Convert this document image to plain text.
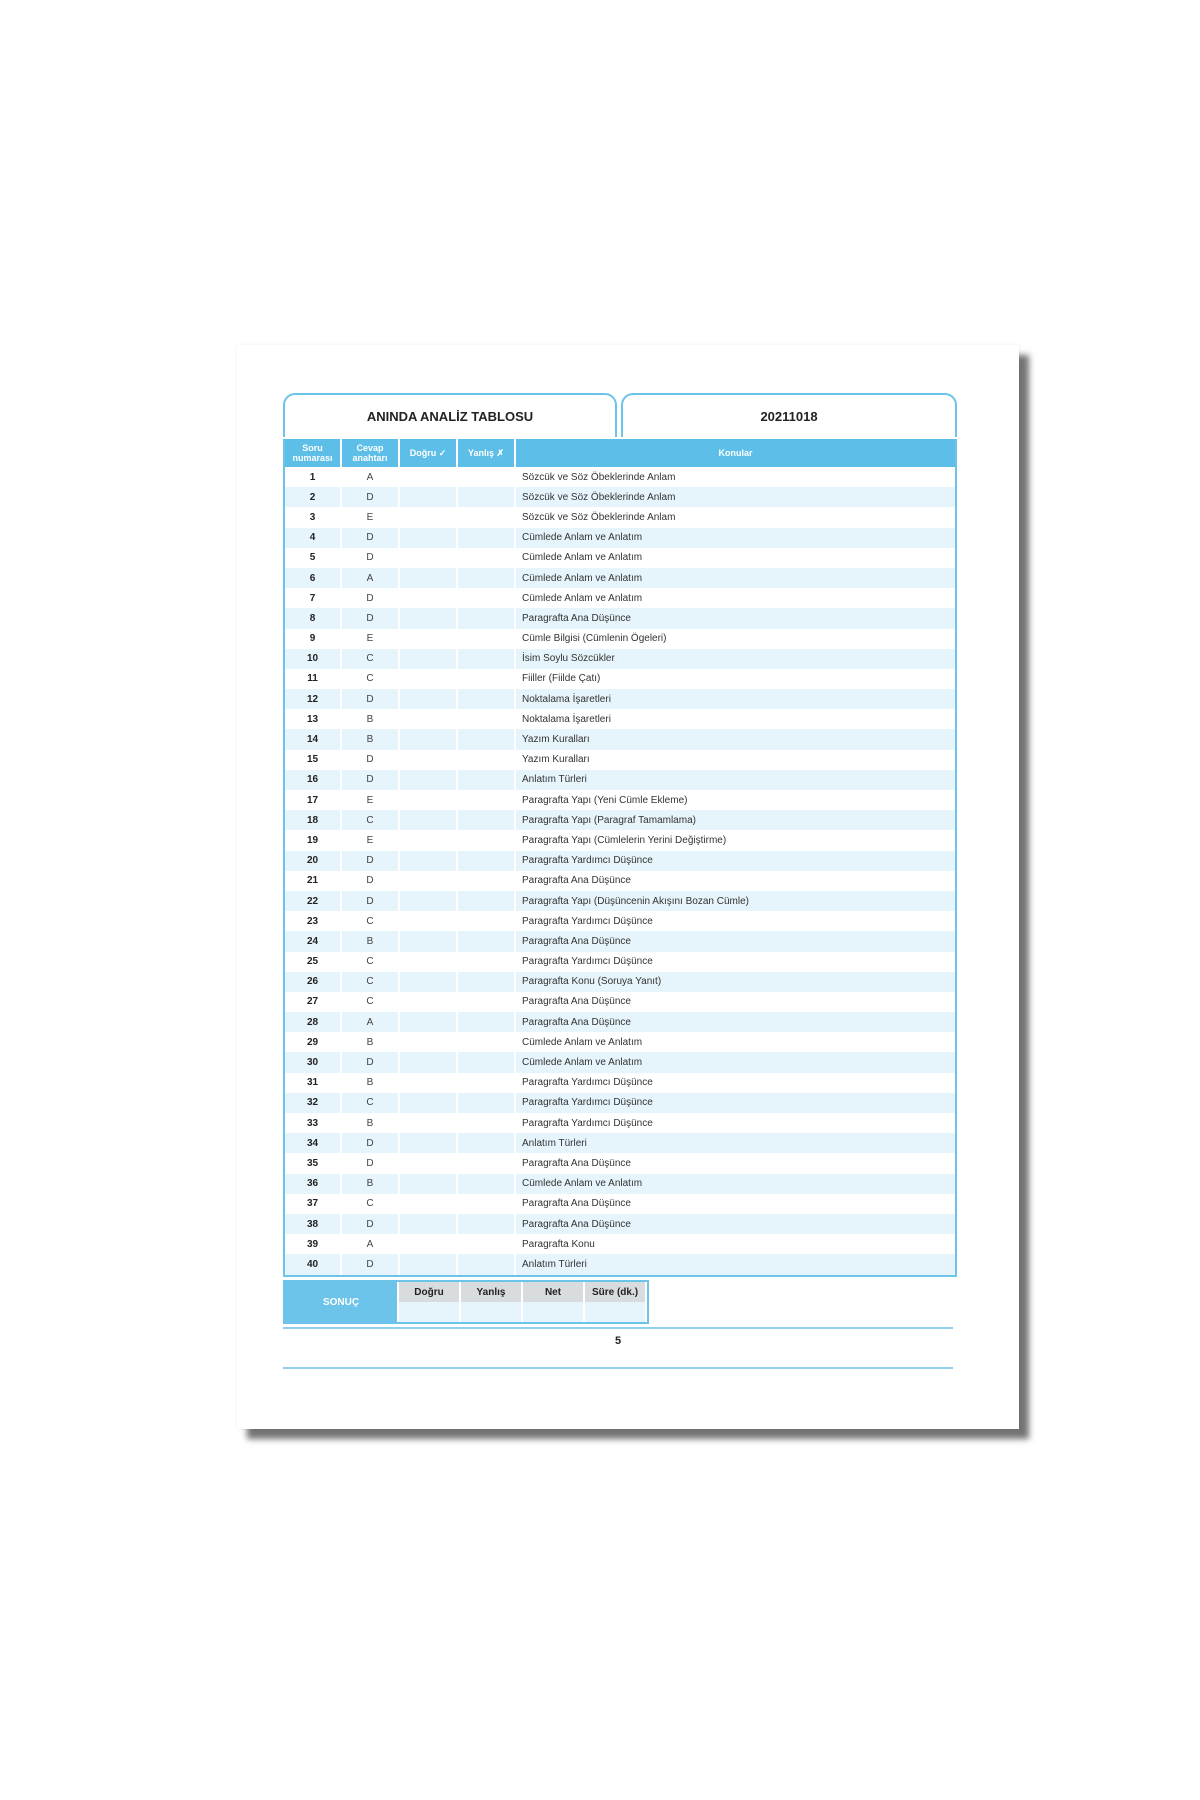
ANINDA ANALİZ TABLOSU	20211018
Soru numarası	Cevap anahtarı	Doğru ✓	Yanlış ✗	Konular
1	A			Sözcük ve Söz Öbeklerinde Anlam
2	D			Sözcük ve Söz Öbeklerinde Anlam
3	E			Sözcük ve Söz Öbeklerinde Anlam
4	D			Cümlede Anlam ve Anlatım
5	D			Cümlede Anlam ve Anlatım
6	A			Cümlede Anlam ve Anlatım
7	D			Cümlede Anlam ve Anlatım
8	D			Paragrafta Ana Düşünce
9	E			Cümle Bilgisi (Cümlenin Ögeleri)
10	C			İsim Soylu Sözcükler
11	C			Fiiller (Fiilde Çatı)
12	D			Noktalama İşaretleri
13	B			Noktalama İşaretleri
14	B			Yazım Kuralları
15	D			Yazım Kuralları
16	D			Anlatım Türleri
17	E			Paragrafta Yapı (Yeni Cümle Ekleme)
18	C			Paragrafta Yapı (Paragraf Tamamlama)
19	E			Paragrafta Yapı (Cümlelerin Yerini Değiştirme)
20	D			Paragrafta Yardımcı Düşünce
21	D			Paragrafta Ana Düşünce
22	D			Paragrafta Yapı (Düşüncenin Akışını Bozan Cümle)
23	C			Paragrafta Yardımcı Düşünce
24	B			Paragrafta Ana Düşünce
25	C			Paragrafta Yardımcı Düşünce
26	C			Paragrafta Konu (Soruya Yanıt)
27	C			Paragrafta Ana Düşünce
28	A			Paragrafta Ana Düşünce
29	B			Cümlede Anlam ve Anlatım
30	D			Cümlede Anlam ve Anlatım
31	B			Paragrafta Yardımcı Düşünce
32	C			Paragrafta Yardımcı Düşünce
33	B			Paragrafta Yardımcı Düşünce
34	D			Anlatım Türleri
35	D			Paragrafta Ana Düşünce
36	B			Cümlede Anlam ve Anlatım
37	C			Paragrafta Ana Düşünce
38	D			Paragrafta Ana Düşünce
39	A			Paragrafta Konu
40	D			Anlatım Türleri
SONUÇ
Doğru	Yanlış	Net	Süre (dk.)
5
